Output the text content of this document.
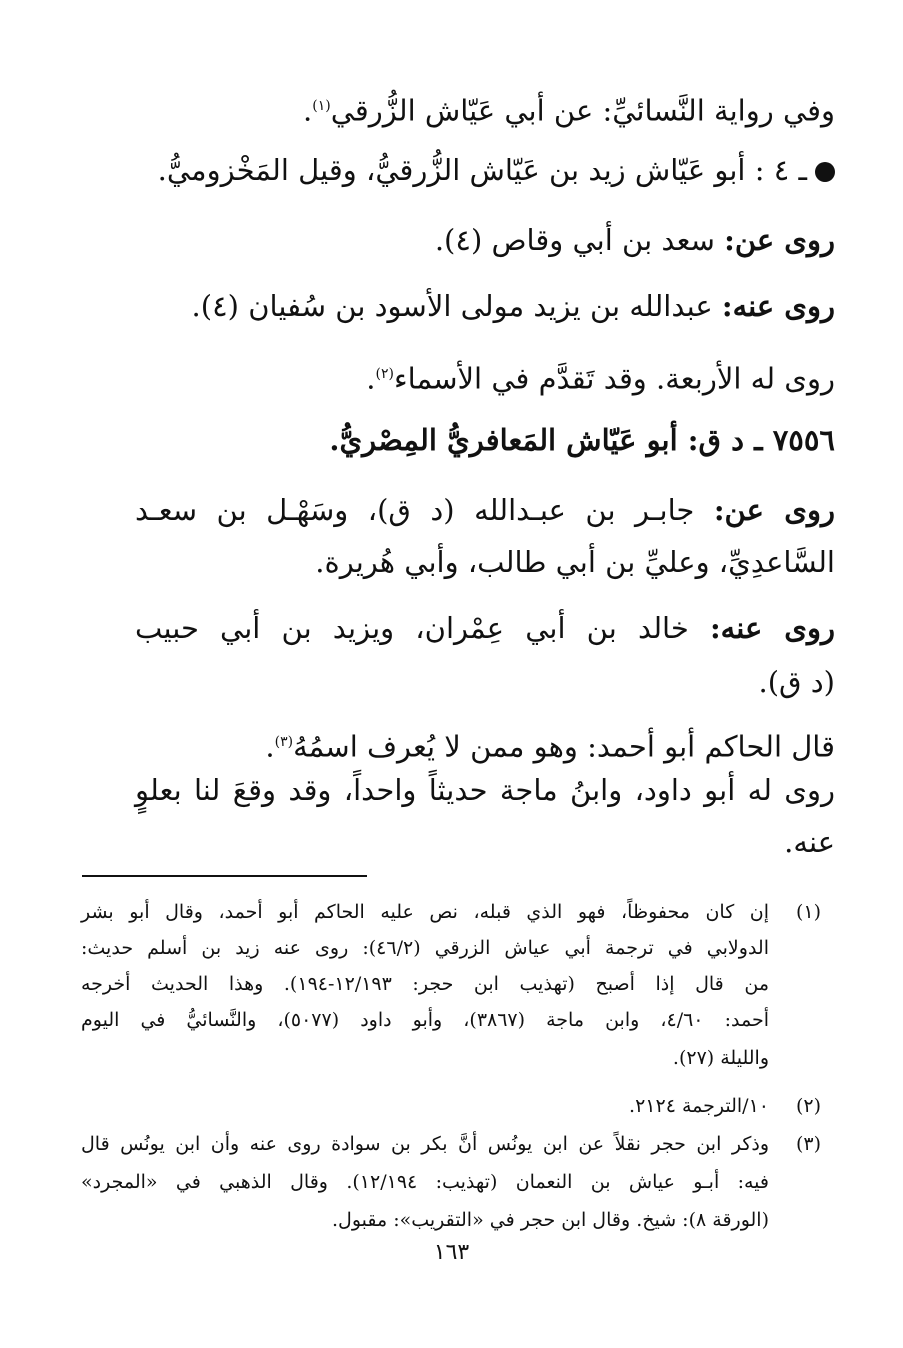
وفي رواية النَّسائيِّ: عن أبي عَيّاش الزُّرقي$^{(١)}$.
ـ ٤ : أبو عَيّاش زيد بن عَيّاش الزُّرقيُّ، وقيل المَخْزوميُّ.
روى عن: سعد بن أبي وقاص (٤).
روى عنه: عبدالله بن يزيد مولى الأسود بن سُفيان (٤).
روى له الأربعة. وقد تَقدَّم في الأسماء$^{(٢)}$.
٧٥٥٦ ـ د ق: أبو عَيّاش المَعافريُّ المِصْريُّ.
روى عن: جابـر بن عبـدالله (د ق)، وسَهْـل بن سعـد
السَّاعدِيِّ، وعليِّ بن أبي طالب، وأبي هُريرة.
روى عنه: خالد بن أبي عِمْران، ويزيد بن أبي حبيب
(د ق).
قال الحاكم أبو أحمد: وهو ممن لا يُعرف اسمُهُ$^{(٣)}$.
روى له أبو داود، وابنُ ماجة حديثاً واحداً، وقد وقعَ لنا بعلوٍ
عنه.
(١)
إن كان محفوظاً، فهو الذي قبله، نص عليه الحاكم أبو أحمد، وقال أبو بشر
الدولابي في ترجمة أبي عياش الزرقي (٤٦/٢): روى عنه زيد بن أسلم حديث:
من قال إذا أصبح (تهذيب ابن حجر: ١٢/١٩٣-١٩٤). وهذا الحديث أخرجه
أحمد: ٤/٦٠، وابن ماجة (٣٨٦٧)، وأبو داود (٥٠٧٧)، والنَّسائيُّ في اليوم
والليلة (٢٧).
(٢)
١٠/الترجمة ٢١٢٤.
(٣)
وذكر ابن حجر نقلاً عن ابن يونُس أنَّ بكر بن سوادة روى عنه وأن ابن يونُس قال
فيه: أبـو عياش بن النعمان (تهذيب: ١٢/١٩٤). وقال الذهبي في «المجرد»
(الورقة ٨): شيخ. وقال ابن حجر في «التقريب»: مقبول.
١٦٣
